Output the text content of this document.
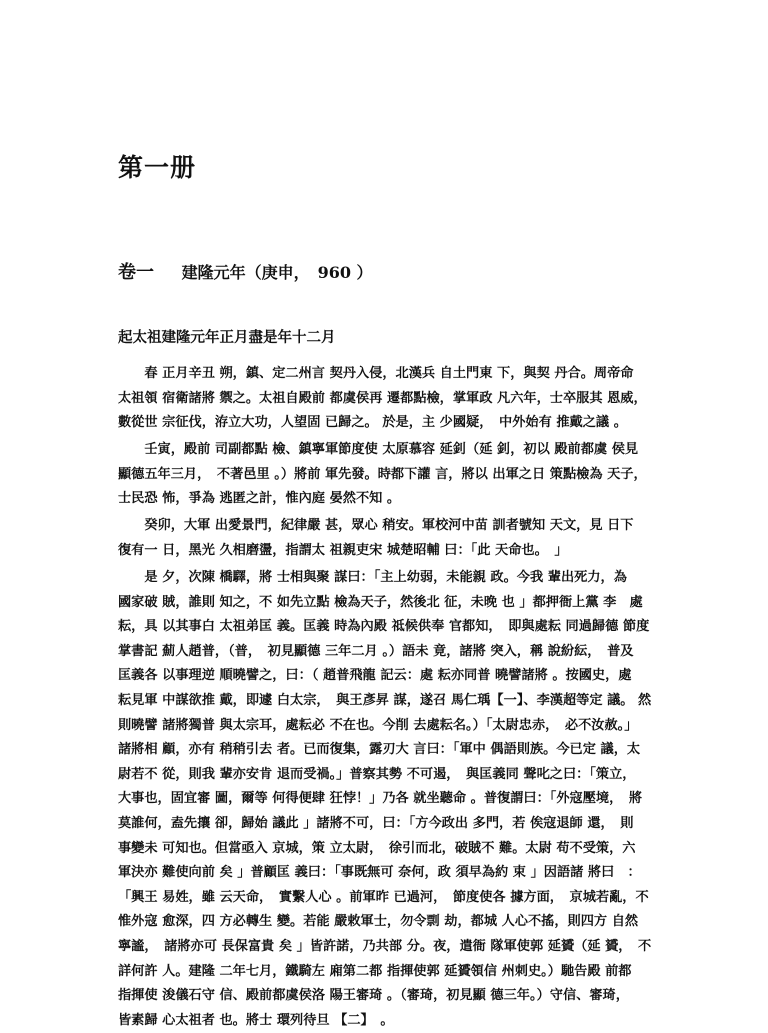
第一册
卷一 建隆元年（庚申，　960 ）
起太祖建隆元年正月盡是年十二月
　　春 正月辛丑 朔，鎮、定二州言 契丹入侵，北漢兵 自土門東 下，與契 丹合。周帝命
太祖領 宿衛諸將 禦之。太祖自殿前 都虞侯再 遷都點檢，掌軍政 凡六年，士卒服其 恩威，
數從世 宗征伐，洊立大功，人望固 已歸之。 於是，主 少國疑，　中外始有 推戴之議 。
　　壬寅，殿前 司副都點 檢、鎮寧軍節度使 太原慕容 延釗（延 釗，初以 殿前都虞 侯見
顯德五年三月，　不著邑里 。）將前 軍先發。時都下讙 言，將以 出軍之日 策點檢為 天子，
士民恐 怖，爭為 逃匿之計，惟內庭 晏然不知 。
　　癸卯，大軍 出愛景門，紀律嚴 甚，眾心 稍安。軍校河中苗 訓者號知 天文，見 日下
復有一 日，黑光 久相磨盪，指謂太 祖親吏宋 城楚昭輔 曰：「此 天命也。　」
　　是 夕，次陳 橋驛，將 士相與聚 謀曰：「主上幼弱，未能親 政。今我 輩出死力，為
國家破 賊，誰則 知之，不 如先立點 檢為天子，然後北 征，未晚 也 」都押衙上黨 李　處
耘，具 以其事白 太祖弟匡 義。匡義 時為內殿 祗候供奉 官都知，　即與處耘 同過歸德 節度
掌書記 薊人趙普，（普，　初見顯德 三年二月 。）語未 竟，諸將 突入，稱 說紛紜，　普及
匡義各 以事理逆 順曉譬之，曰：（ 趙普飛龍 記云：處 耘亦同普 曉譬諸將 。按國史，處
耘見軍 中謀欲推 戴，即遽 白太宗，　與王彥昇 謀，遂召 馬仁瑀【一】、李漢超等定 議。 然
則曉譬 諸將獨普 與太宗耳，處耘必 不在也。今削 去處耘名。）「太尉忠赤，　必不汝赦。」
諸將相 顧，亦有 稍稍引去 者。已而復集，露刃大 言曰：「軍中 偶語則族。今已定 議，太
尉若不 從，則我 輩亦安肯 退而受禍。」普察其勢 不可遏，　與匡義同 聲叱之曰：「策立，
大事也，固宜審 圖，爾等 何得便肆 狂悖！」乃各 就坐聽命 。普復謂曰：「外寇壓境，　將
莫誰何，盍先攘 卻，歸始 議此 」諸將不可，曰：「方今政出 多門，若 俟寇退師 還，　則
事變未 可知也。但當亟入 京城，策 立太尉，　徐引而北，破賊不 難。太尉 苟不受策，六
軍決亦 難使向前 矣 」普顧匡 義曰：「事既無可 奈何，政 須早為約 束 」因語諸 將曰　：
「興王 易姓，雖 云天命，　實繫人心 。前軍昨 已過河，　節度使各 據方面，　京城若亂，不
惟外寇 愈深，四 方必轉生 變。若能 嚴敕軍士，勿令剽 劫，都城 人心不搖，則四方 自然
寧謐，　諸將亦可 長保富貴 矣 」皆許諾，乃共部 分。夜，遣衙 隊軍使郭 延贇（延 贇，　不
詳何許 人。建隆 二年七月，鐵騎左 廂第二都 指揮使郭 延贇領信 州刺史。）馳告殿 前都
指揮使 浚儀石守 信、殿前都虞侯洛 陽王審琦 。（審琦，初見顯 德三年。）守信、審琦，
皆素歸 心太祖者 也。將士 環列待旦 【二】　。
